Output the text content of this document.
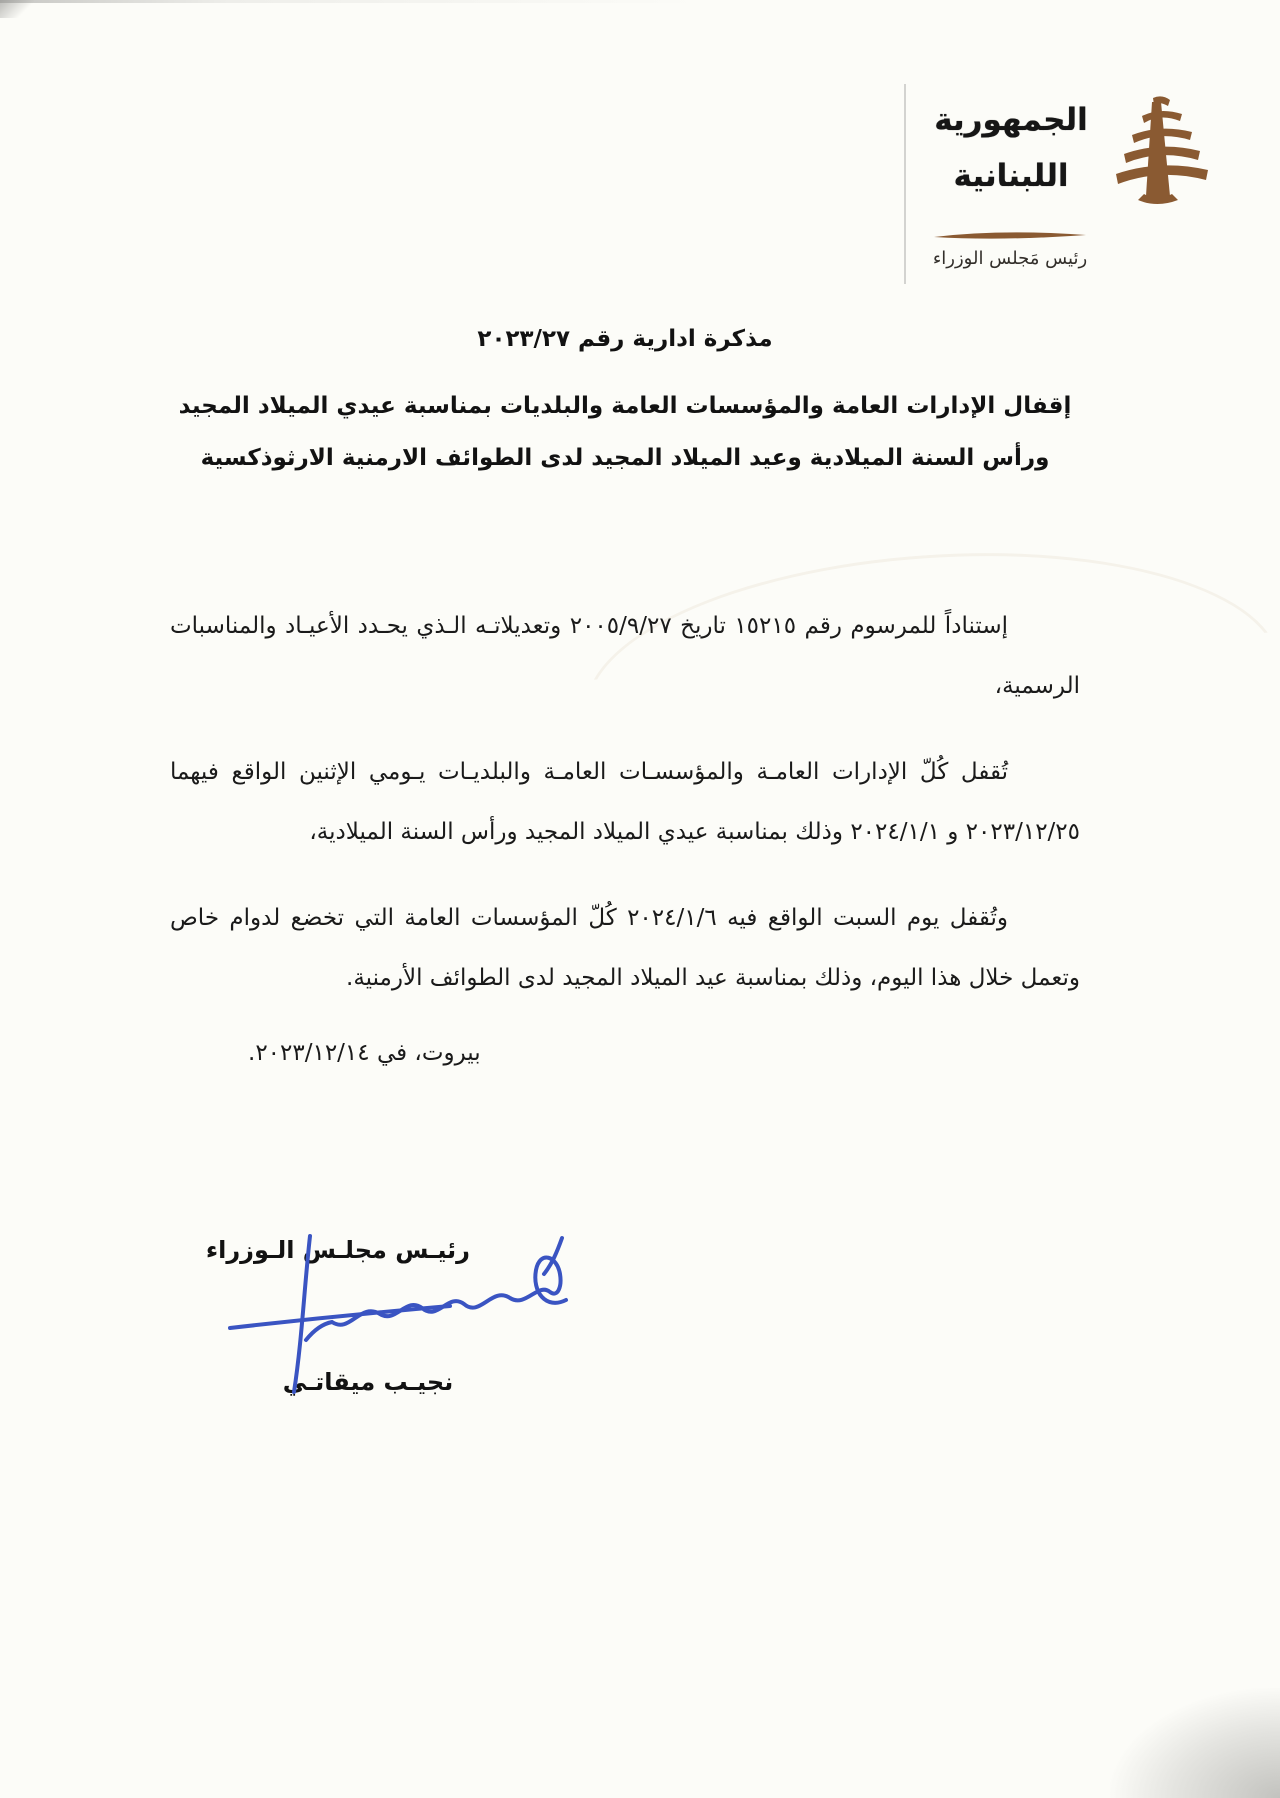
الجمهورية
اللبنانية
رئيس مَجلس الوزراء
مذكرة ادارية رقم ٢٠٢٣/٢٧
إقفال الإدارات العامة والمؤسسات العامة والبلديات بمناسبة عيدي الميلاد المجيد
ورأس السنة الميلادية وعيد الميلاد المجيد لدى الطوائف الارمنية الارثوذكسية

إستناداً للمرسوم رقم ١٥٢١٥ تاريخ ٢٠٠٥/٩/٢٧ وتعديلاتـه الـذي يحـدد الأعيـاد والمناسبات الرسمية،

تُقفل كُلّ الإدارات العامـة والمؤسسـات العامـة والبلديـات يـومي الإثنين الواقع فيهما ٢٠٢٣/١٢/٢٥ و ٢٠٢٤/١/١ وذلك بمناسبة عيدي الميلاد المجيد ورأس السنة الميلادية،

وتُقفل يوم السبت الواقع فيه ٢٠٢٤/١/٦ كُلّ المؤسسات العامة التي تخضع لدوام خاص وتعمل خلال هذا اليوم، وذلك بمناسبة عيد الميلاد المجيد لدى الطوائف الأرمنية.

بيروت، في ٢٠٢٣/١٢/١٤.
رئيـس مجلـس الـوزراء
نجيـب ميقاتـي
